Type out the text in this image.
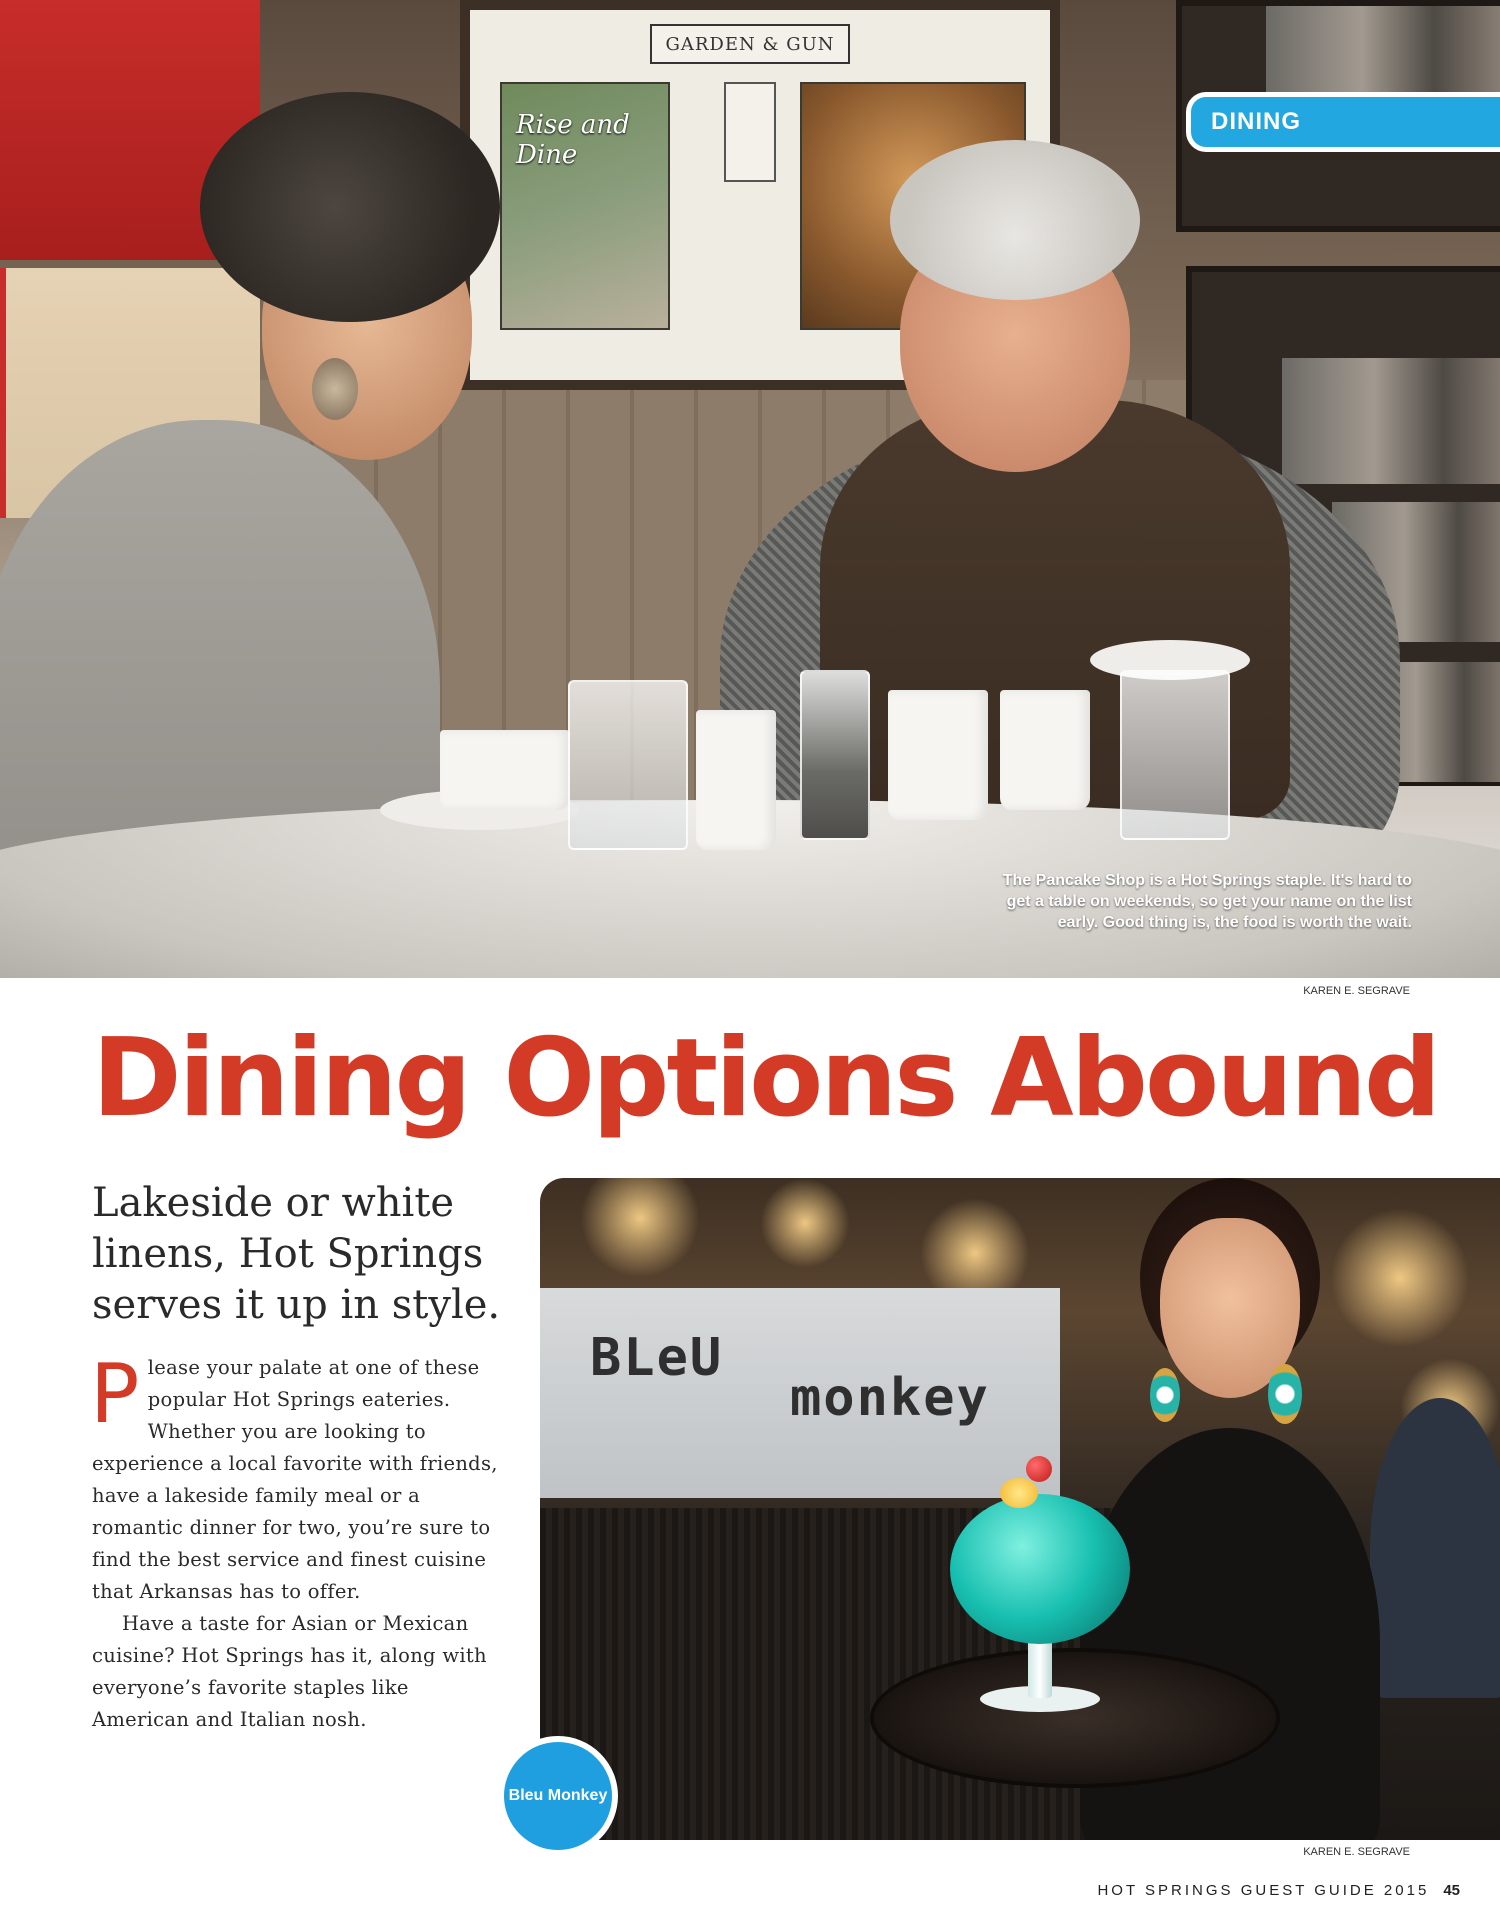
GARDEN & GUN
Rise and Dine
The Pancake Shop is a Hot Springs staple. It's hard to get a table on weekends, so get your name on the list early. Good thing is, the food is worth the wait.
DINING
KAREN E. SEGRAVE
Dining Options Abound
Lakeside or white linens, Hot Springs serves it up in style.

Please your palate at one of these popular Hot Springs eateries. Whether you are looking to experience a local favorite with friends, have a lakeside family meal or a romantic dinner for two, you’re sure to find the best service and finest cuisine that Arkansas has to offer.

Have a taste for Asian or Mexican cuisine? Hot Springs has it, along with everyone’s favorite staples like American and Italian nosh.

BLeU
monkey
Bleu Monkey
KAREN E. SEGRAVE
HOT SPRINGS GUEST GUIDE 2015 45
